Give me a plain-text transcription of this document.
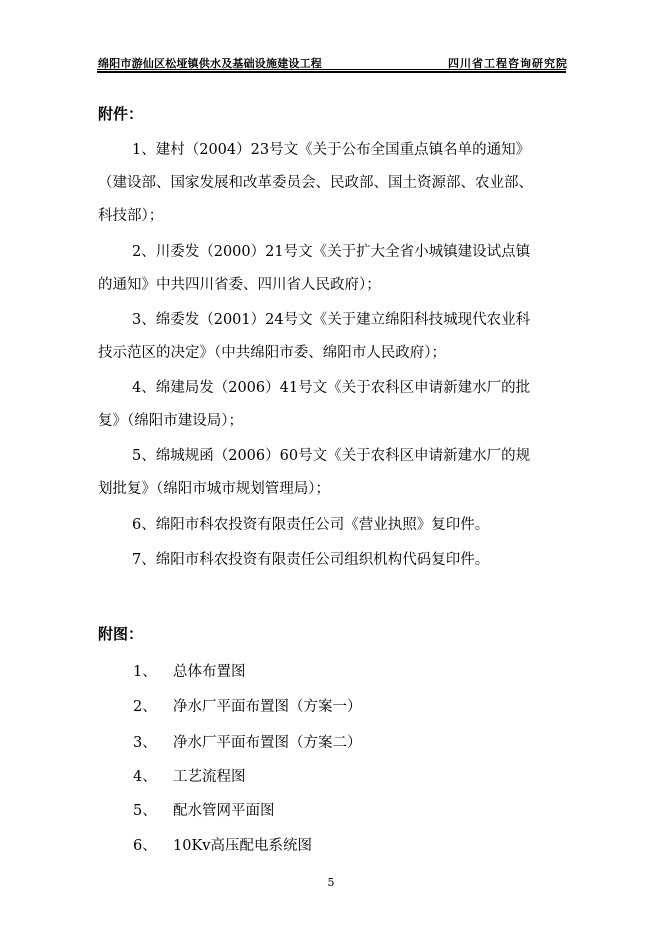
绵阳市游仙区松垭镇供水及基础设施建设工程	四川省工程咨询研究院
附件：
1、建村（2004）23号文《关于公布全国重点镇名单的通知》
（建设部、国家发展和改革委员会、民政部、国土资源部、农业部、
科技部）；
2、川委发（2000）21号文《关于扩大全省小城镇建设试点镇
的通知》中共四川省委、四川省人民政府）；
3、绵委发（2001）24号文《关于建立绵阳科技城现代农业科
技示范区的决定》（中共绵阳市委、绵阳市人民政府）；
4、绵建局发（2006）41号文《关于农科区申请新建水厂的批
复》（绵阳市建设局）；
5、绵城规函（2006）60号文《关于农科区申请新建水厂的规
划批复》（绵阳市城市规划管理局）；
6、绵阳市科农投资有限责任公司《营业执照》复印件。
7、绵阳市科农投资有限责任公司组织机构代码复印件。
附图：
1、 总体布置图
2、 净水厂平面布置图（方案一）
3、 净水厂平面布置图（方案二）
4、 工艺流程图
5、 配水管网平面图
6、 10Kv高压配电系统图
5
